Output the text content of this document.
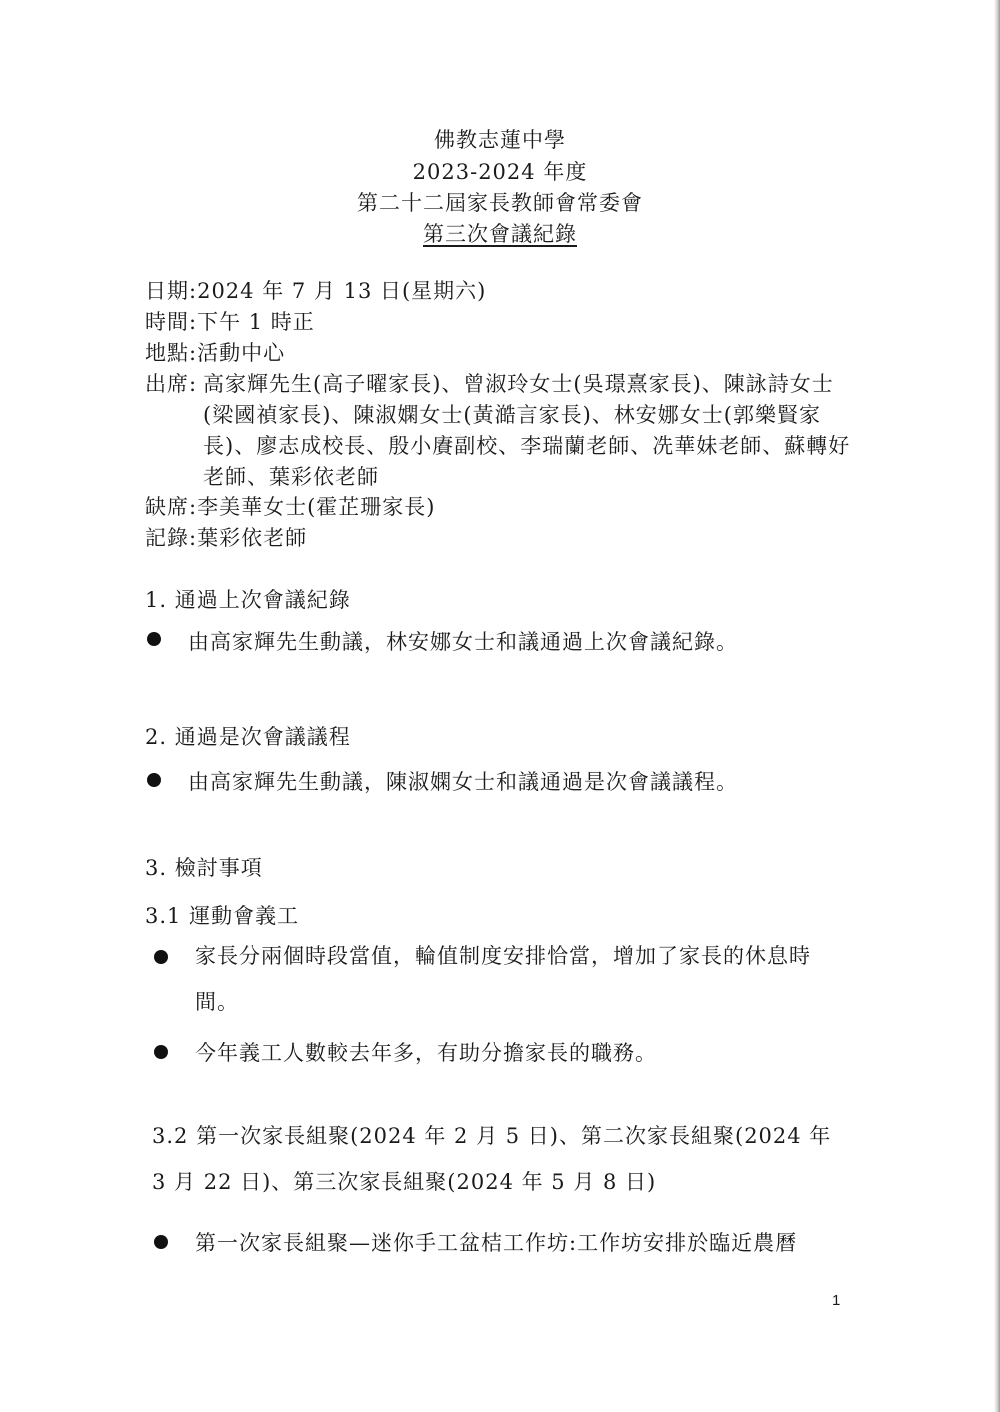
佛教志蓮中學
2023-2024 年度
第二十二屆家長教師會常委會
第三次會議紀錄
日期:2024 年 7 月 13 日(星期六)
時間:下午 1 時正
地點:活動中心
出席: 高家輝先生(高子曜家長)、曾淑玲女士(吳璟熹家長)、陳詠詩女士(梁國禎家長)、陳淑嫻女士(黃澔言家長)、林安娜女士(郭樂賢家長)、廖志成校長、殷小賡副校、李瑞蘭老師、冼華妹老師、蘇轉好老師、葉彩依老師
缺席:李美華女士(霍芷珊家長)
記錄:葉彩依老師
1. 通過上次會議紀錄
由高家輝先生動議，林安娜女士和議通過上次會議紀錄。
2. 通過是次會議議程
由高家輝先生動議，陳淑嫻女士和議通過是次會議議程。
3. 檢討事項
3.1 運動會義工
家長分兩個時段當值，輪值制度安排恰當，增加了家長的休息時間。
今年義工人數較去年多，有助分擔家長的職務。
3.2 第一次家長組聚(2024 年 2 月 5 日)、第二次家長組聚(2024 年 3 月 22 日)、第三次家長組聚(2024 年 5 月 8 日)
第一次家長組聚—迷你手工盆桔工作坊:工作坊安排於臨近農曆
1
